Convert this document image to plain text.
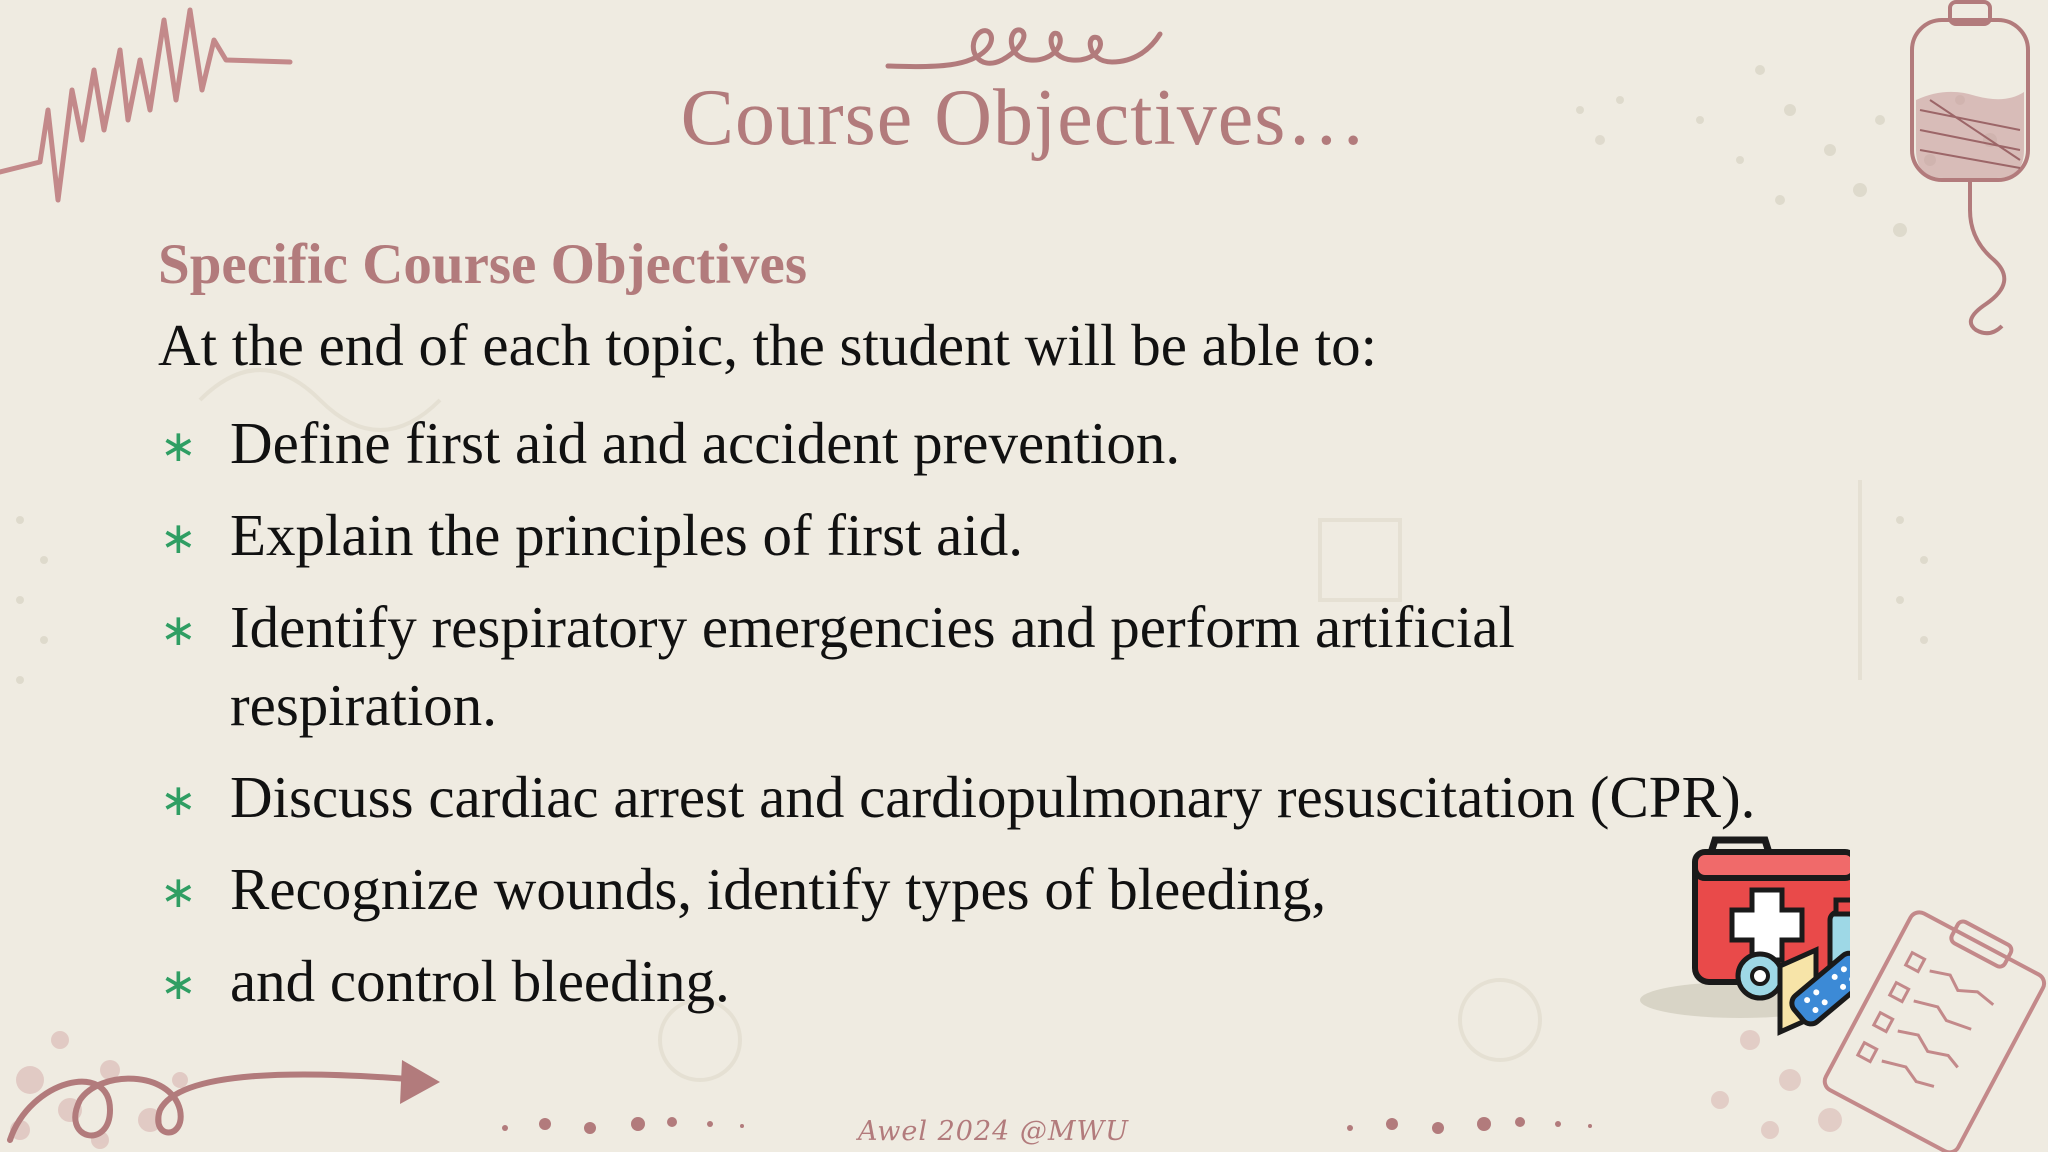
Course Objectives…
Specific Course Objectives
At the end of each topic, the student will be able to:
∗ Define first aid and accident prevention.
∗ Explain the principles of first aid.
∗ Identify respiratory emergencies and perform artificial respiration.
∗ Discuss cardiac arrest and cardiopulmonary resuscitation (CPR).
∗ Recognize wounds, identify types of bleeding,
∗ and control bleeding.
Awel 2024 @MWU
